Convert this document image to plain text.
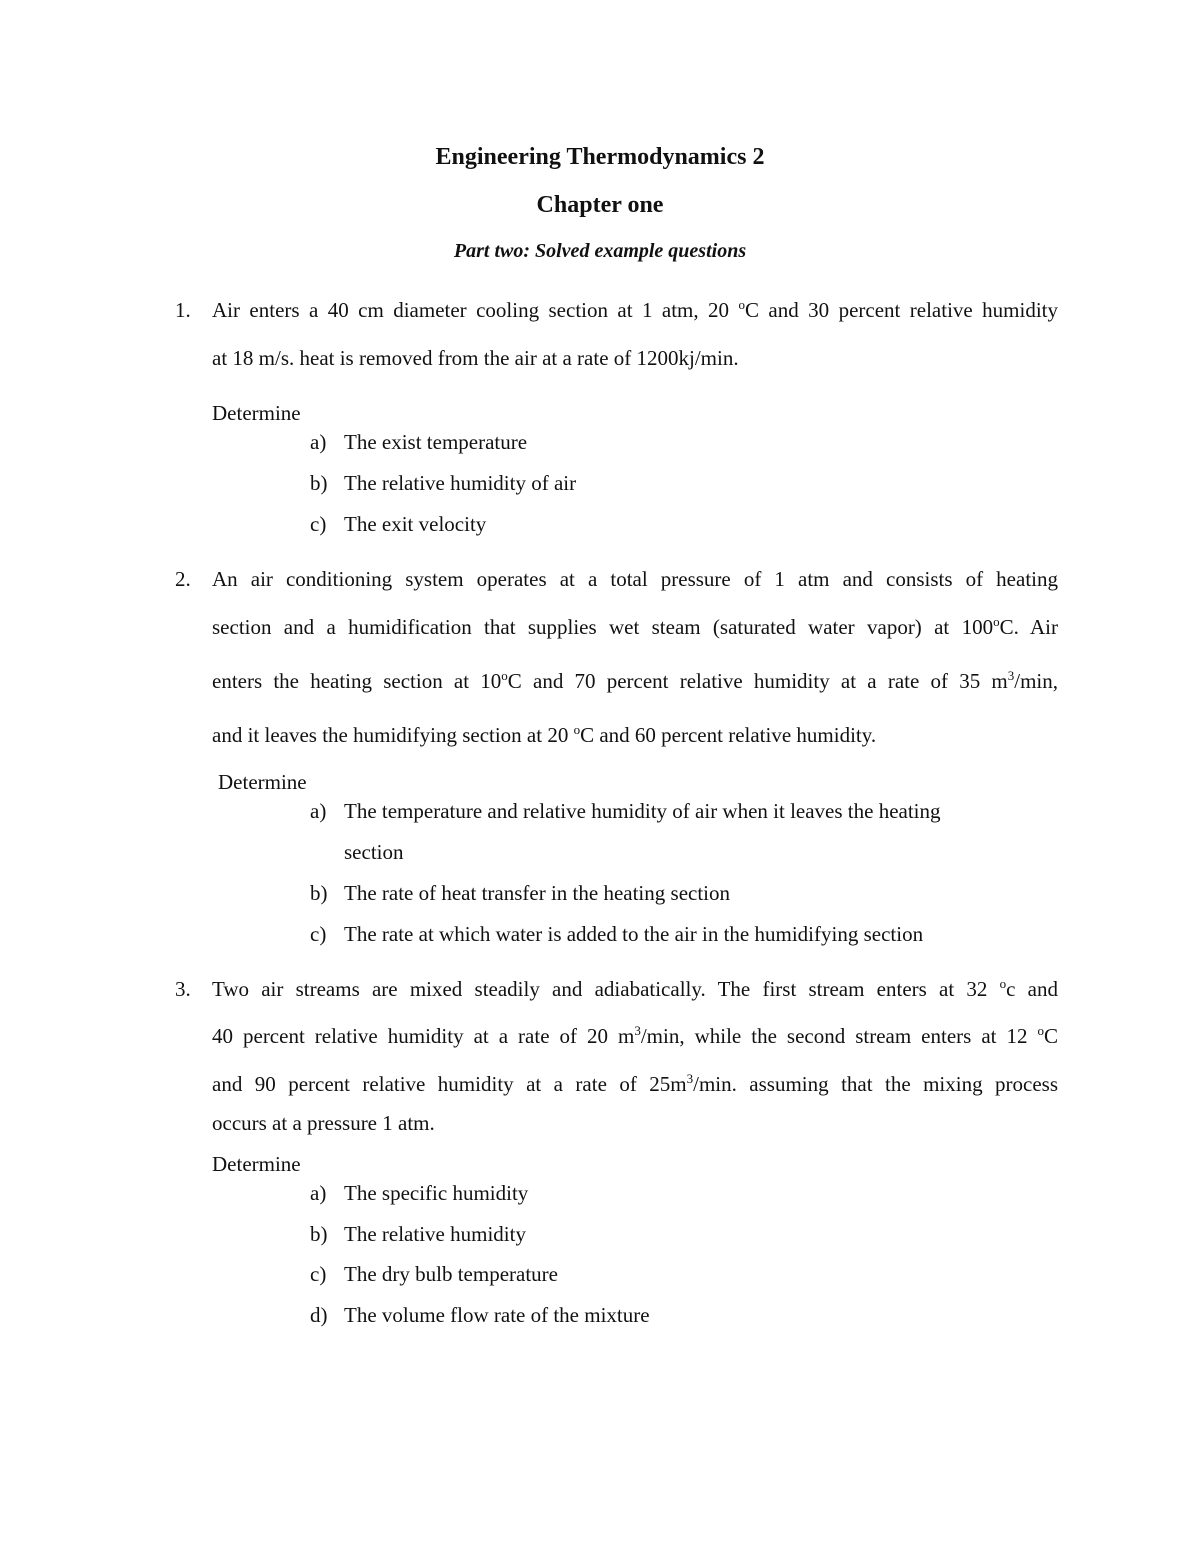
Engineering Thermodynamics 2
Chapter one
Part two: Solved example questions
1. Air enters a 40 cm diameter cooling section at 1 atm, 20 $^o$C and 30 percent relative humidity
at 18 m/s. heat is removed from the air at a rate of 1200kj/min.
Determine
a) The exist temperature
b) The relative humidity of air
c) The exit velocity
2. An air conditioning system operates at a total pressure of 1 atm and consists of heating
section and a humidification that supplies wet steam (saturated water vapor) at 100$^o$C. Air
enters the heating section at 10$^o$C and 70 percent relative humidity at a rate of 35 $m^3/\min$,
and it leaves the humidifying section at 20 $^o$C and 60 percent relative humidity.
Determine
a) The temperature and relative humidity of air when it leaves the heating
section
b) The rate of heat transfer in the heating section
c) The rate at which water is added to the air in the humidifying section
3. Two air streams are mixed steadily and adiabatically. The first stream enters at 32 $^o$c and
40 percent relative humidity at a rate of 20 $m^3/\min$, while the second stream enters at 12 $^o$C
and 90 percent relative humidity at a rate of $25m^3/\min$. assuming that the mixing process
occurs at a pressure 1 atm.
Determine
a) The specific humidity
b) The relative humidity
c) The dry bulb temperature
d) The volume flow rate of the mixture
